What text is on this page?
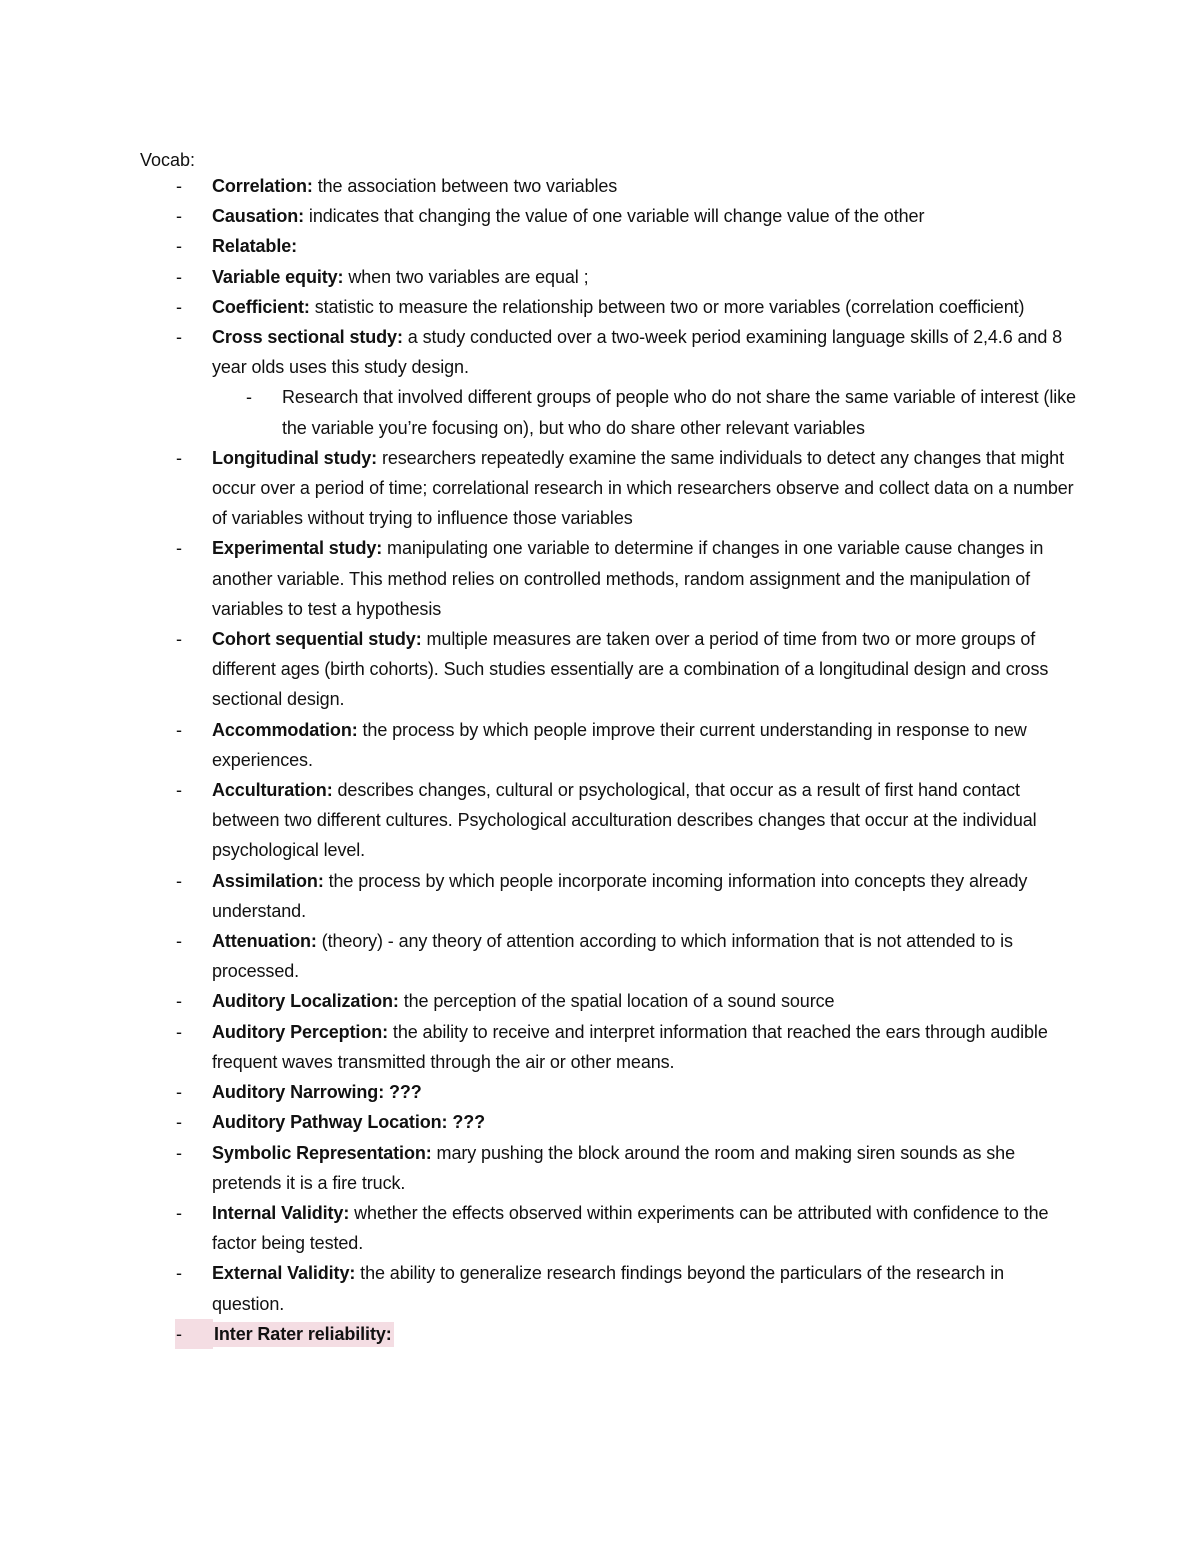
Vocab:
-	Correlation: the association between two variables
-	Causation: indicates that changing the value of one variable will change value of the other
-	Relatable:
-	Variable equity: when two variables are equal ;
-	Coefficient: statistic to measure the relationship between two or more variables (correlation coefficient)
-	Cross sectional study: a study conducted over a two-week period examining language skills of 2,4.6 and 8 year olds uses this study design.
- Research that involved different groups of people who do not share the same variable of interest (like the variable you’re focusing on), but who do share other relevant variables
-	Longitudinal study: researchers repeatedly examine the same individuals to detect any changes that might occur over a period of time; correlational research in which researchers observe and collect data on a number of variables without trying to influence those variables
-	Experimental study: manipulating one variable to determine if changes in one variable cause changes in another variable. This method relies on controlled methods, random assignment and the manipulation of variables to test a hypothesis
-	Cohort sequential study: multiple measures are taken over a period of time from two or more groups of different ages (birth cohorts). Such studies essentially are a combination of a longitudinal design and cross sectional design.
-	Accommodation: the process by which people improve their current understanding in response to new experiences.
-	Acculturation: describes changes, cultural or psychological, that occur as a result of first hand contact between two different cultures. Psychological acculturation describes changes that occur at the individual psychological level.
-	Assimilation: the process by which people incorporate incoming information into concepts they already understand.
-	Attenuation: (theory) - any theory of attention according to which information that is not attended to is processed.
-	Auditory Localization: the perception of the spatial location of a sound source
-	Auditory Perception: the ability to receive and interpret information that reached the ears through audible frequent waves transmitted through the air or other means.
-	Auditory Narrowing: ???
-	Auditory Pathway Location: ???
-	Symbolic Representation: mary pushing the block around the room and making siren sounds as she pretends it is a fire truck.
-	Internal Validity: whether the effects observed within experiments can be attributed with confidence to the factor being tested.
-	External Validity: the ability to generalize research findings beyond the particulars of the research in question.
-	Inter Rater reliability:
